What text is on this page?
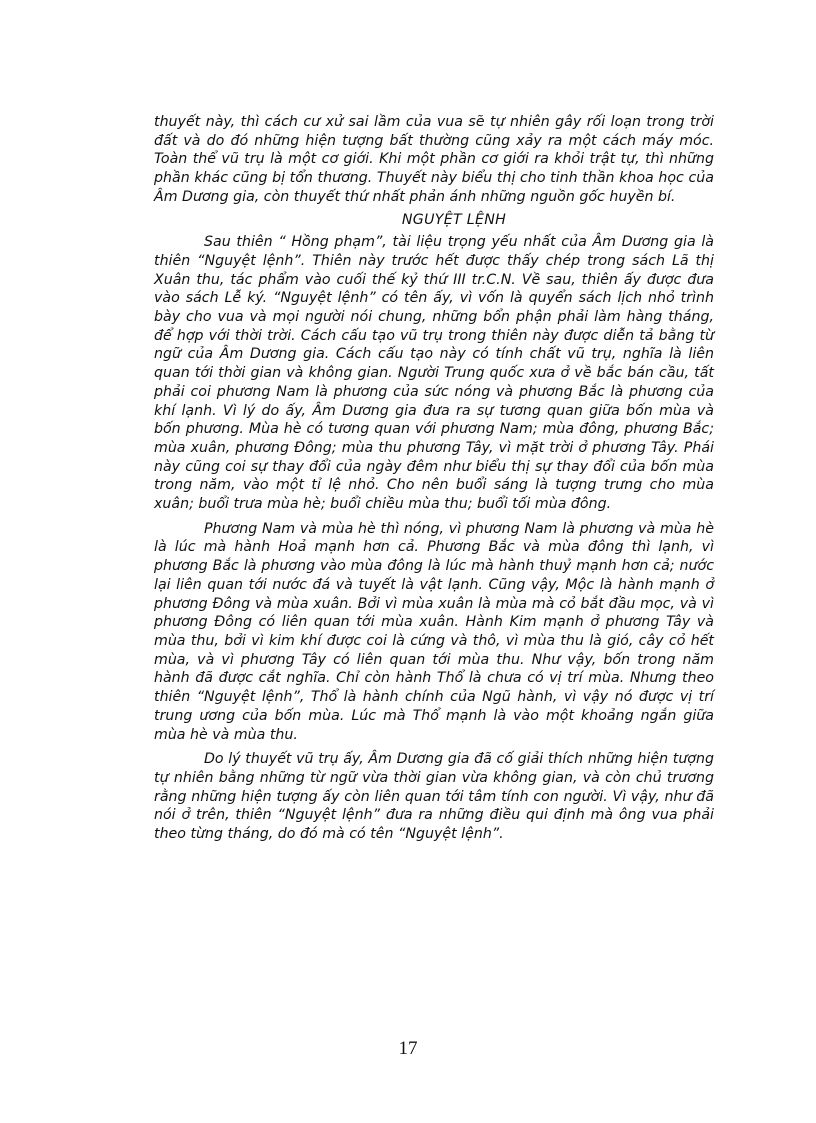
thuyết này, thì cách cư xử sai lầm của vua sẽ tự nhiên gây rối loạn trong trời đất và do đó những hiện tượng bất thường cũng xảy ra một cách máy móc. Toàn thể vũ trụ là một cơ giới. Khi một phần cơ giới ra khỏi trật tự, thì những phần khác cũng bị tổn thương. Thuyết này biểu thị cho tinh thần khoa học của Âm Dương gia, còn thuyết thứ nhất phản ánh những nguồn gốc huyền bí.

NGUYỆT LỆNH

Sau thiên “ Hồng phạm”, tài liệu trọng yếu nhất của Âm Dương gia là thiên “Nguyệt lệnh”. Thiên này trước hết được thấy chép trong sách Lã thị Xuân thu, tác phẩm vào cuối thế kỷ thứ III tr.C.N. Về sau, thiên ấy được đưa vào sách Lễ ký. “Nguyệt lệnh” có tên ấy, vì vốn là quyển sách lịch nhỏ trình bày cho vua và mọi người nói chung, những bổn phận phải làm hàng tháng, để hợp với thời trời. Cách cấu tạo vũ trụ trong thiên này được diễn tả bằng từ ngữ của Âm Dương gia. Cách cấu tạo này có tính chất vũ trụ, nghĩa là liên quan tới thời gian và không gian. Người Trung quốc xưa ở về bắc bán cầu, tất phải coi phương Nam là phương của sức nóng và phương Bắc là phương của khí lạnh. Vì lý do ấy, Âm Dương gia đưa ra sự tương quan giữa bốn mùa và bốn phương. Mùa hè có tương quan với phương Nam; mùa đông, phương Bắc; mùa xuân, phương Đông; mùa thu phương Tây, vì mặt trời ở phương Tây. Phái này cũng coi sự thay đổi của ngày đêm như biểu thị sự thay đổi của bốn mùa trong năm, vào một tỉ lệ nhỏ. Cho nên buổi sáng là tượng trưng cho mùa xuân; buổi trưa mùa hè; buổi chiều mùa thu; buổi tối mùa đông.

Phương Nam và mùa hè thì nóng, vì phương Nam là phương và mùa hè là lúc mà hành Hoả mạnh hơn cả. Phương Bắc và mùa đông thì lạnh, vì phương Bắc là phương vào mùa đông là lúc mà hành thuỷ mạnh hơn cả; nước lại liên quan tới nước đá và tuyết là vật lạnh. Cũng vậy, Mộc là hành mạnh ở phương Đông và mùa xuân. Bởi vì mùa xuân là mùa mà cỏ bắt đầu mọc, và vì phương Đông có liên quan tới mùa xuân. Hành Kim mạnh ở phương Tây và mùa thu, bởi vì kim khí được coi là cứng và thô, vì mùa thu là gió, cây cỏ hết mùa, và vì phương Tây có liên quan tới mùa thu. Như vậy, bốn trong năm hành đã được cắt nghĩa. Chỉ còn hành Thổ là chưa có vị trí mùa. Nhưng theo thiên “Nguyệt lệnh”, Thổ là hành chính của Ngũ hành, vì vậy nó được vị trí trung ương của bốn mùa. Lúc mà Thổ mạnh là vào một khoảng ngắn giữa mùa hè và mùa thu.

Do lý thuyết vũ trụ ấy, Âm Dương gia đã cố giải thích những hiện tượng tự nhiên bằng những từ ngữ vừa thời gian vừa không gian, và còn chủ trương rằng những hiện tượng ấy còn liên quan tới tâm tính con người. Vì vậy, như đã nói ở trên, thiên “Nguyệt lệnh” đưa ra những điều qui định mà ông vua phải theo từng tháng, do đó mà có tên “Nguyệt lệnh”.

17
